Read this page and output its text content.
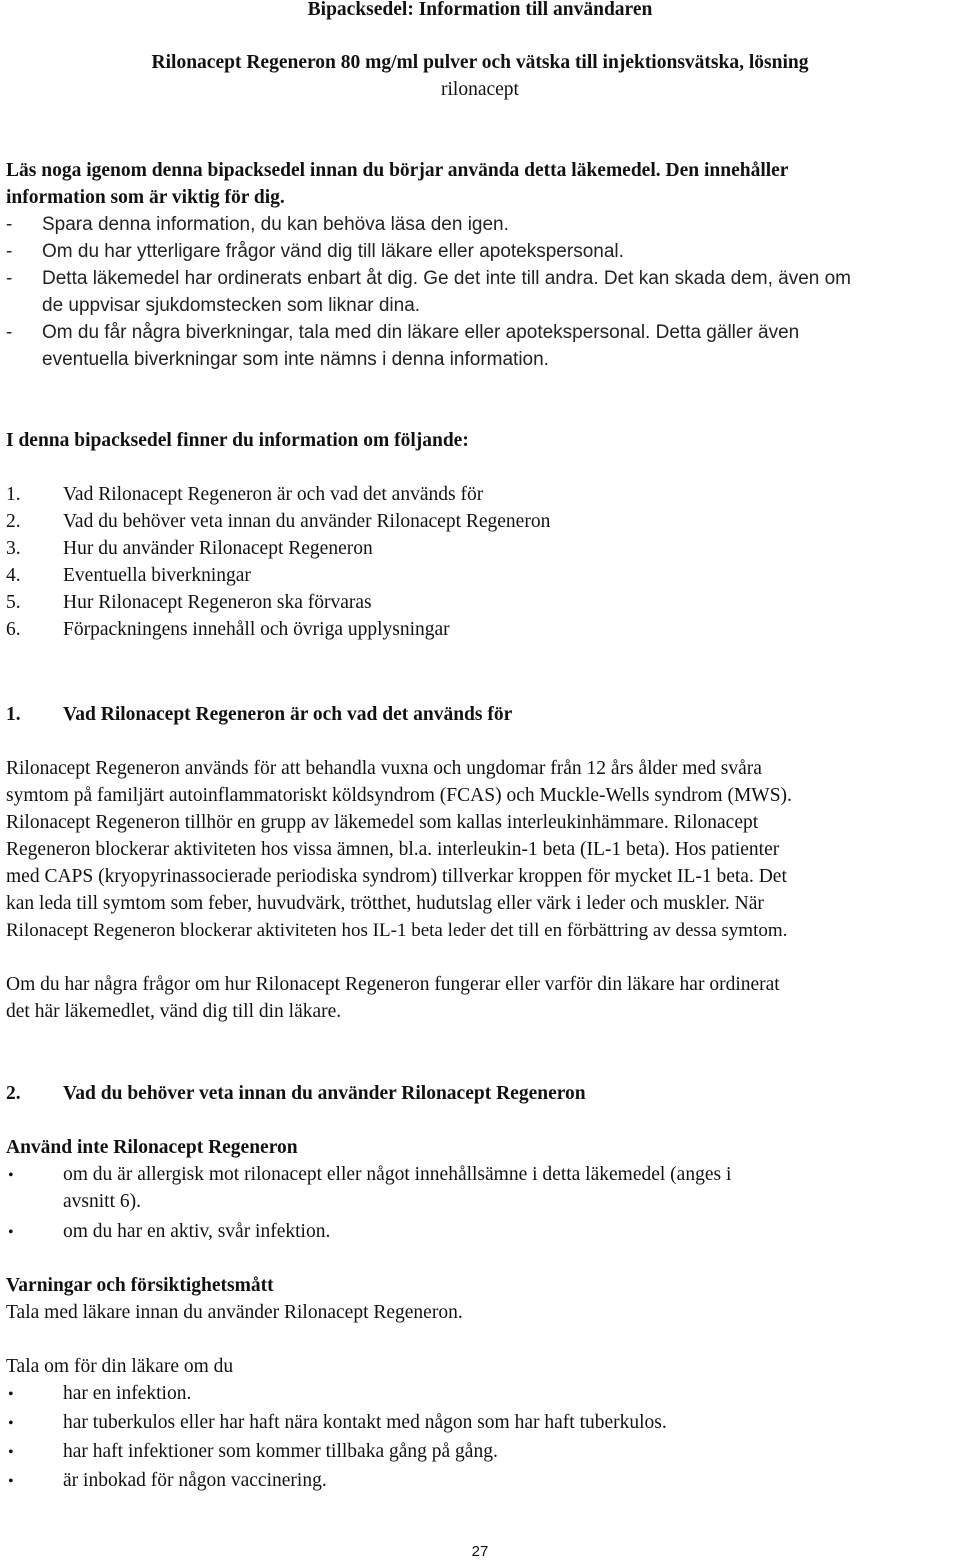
Bipacksedel: Information till användaren
Rilonacept Regeneron 80 mg/ml pulver och vätska till injektionsvätska, lösning
rilonacept
Läs noga igenom denna bipacksedel innan du börjar använda detta läkemedel. Den innehåller
information som är viktig för dig.
- Spara denna information, du kan behöva läsa den igen.
- Om du har ytterligare frågor vänd dig till läkare eller apotekspersonal.
- Detta läkemedel har ordinerats enbart åt dig. Ge det inte till andra. Det kan skada dem, även om
de uppvisar sjukdomstecken som liknar dina.
- Om du får några biverkningar, tala med din läkare eller apotekspersonal. Detta gäller även
eventuella biverkningar som inte nämns i denna information.
I denna bipacksedel finner du information om följande:
1. Vad Rilonacept Regeneron är och vad det används för
2. Vad du behöver veta innan du använder Rilonacept Regeneron
3. Hur du använder Rilonacept Regeneron
4. Eventuella biverkningar
5. Hur Rilonacept Regeneron ska förvaras
6. Förpackningens innehåll och övriga upplysningar
1. Vad Rilonacept Regeneron är och vad det används för
Rilonacept Regeneron används för att behandla vuxna och ungdomar från 12 års ålder med svåra
symtom på familjärt autoinflammatoriskt köldsyndrom (FCAS) och Muckle-Wells syndrom (MWS).
Rilonacept Regeneron tillhör en grupp av läkemedel som kallas interleukinhämmare. Rilonacept
Regeneron blockerar aktiviteten hos vissa ämnen, bl.a. interleukin-1 beta (IL-1 beta). Hos patienter
med CAPS (kryopyrinassocierade periodiska syndrom) tillverkar kroppen för mycket IL-1 beta. Det
kan leda till symtom som feber, huvudvärk, trötthet, hudutslag eller värk i leder och muskler. När
Rilonacept Regeneron blockerar aktiviteten hos IL-1 beta leder det till en förbättring av dessa symtom.
Om du har några frågor om hur Rilonacept Regeneron fungerar eller varför din läkare har ordinerat
det här läkemedlet, vänd dig till din läkare.
2. Vad du behöver veta innan du använder Rilonacept Regeneron
Använd inte Rilonacept Regeneron
•	om du är allergisk mot rilonacept eller något innehållsämne i detta läkemedel (anges i
avsnitt 6).
•	om du har en aktiv, svår infektion.
Varningar och försiktighetsmått
Tala med läkare innan du använder Rilonacept Regeneron.
Tala om för din läkare om du
•	har en infektion.
•	har tuberkulos eller har haft nära kontakt med någon som har haft tuberkulos.
•	har haft infektioner som kommer tillbaka gång på gång.
•	är inbokad för någon vaccinering.
27
